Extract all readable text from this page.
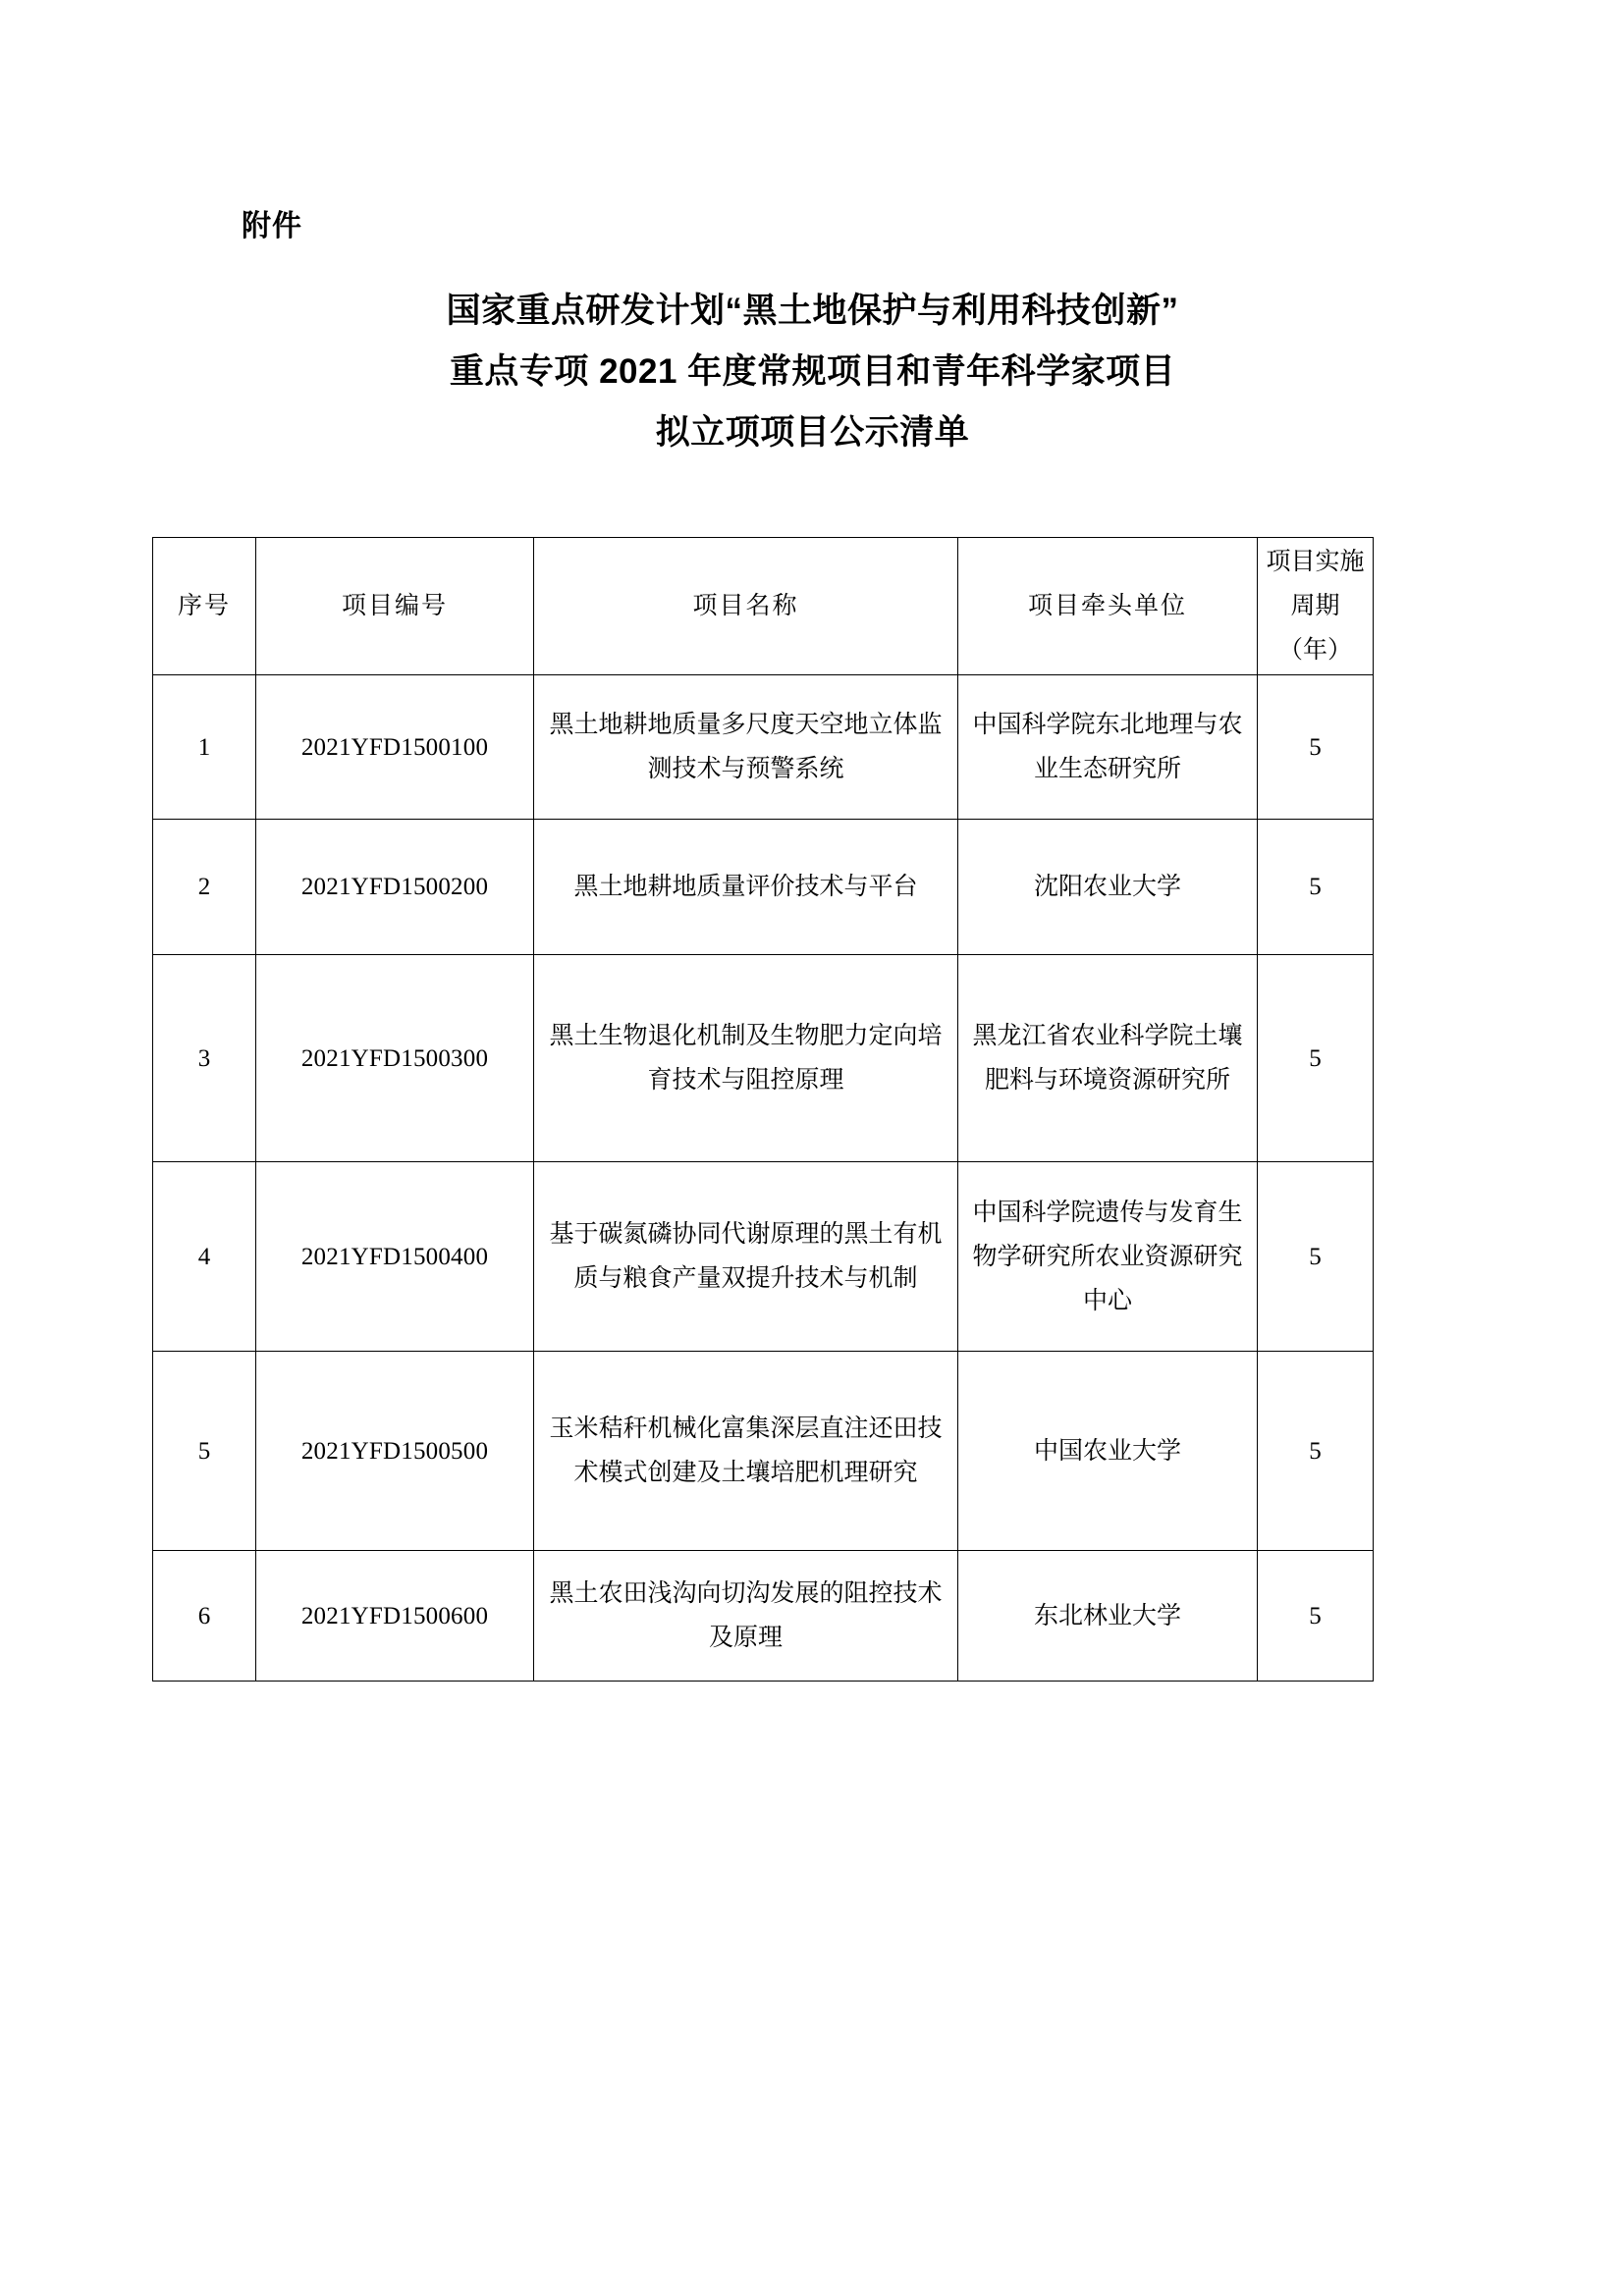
附件
国家重点研发计划“黑土地保护与利用科技创新”
重点专项 2021 年度常规项目和青年科学家项目
拟立项项目公示清单
序号	项目编号	项目名称	项目牵头单位	项目实施周期（年）
1	2021YFD1500100	黑土地耕地质量多尺度天空地立体监测技术与预警系统	中国科学院东北地理与农业生态研究所	5
2	2021YFD1500200	黑土地耕地质量评价技术与平台	沈阳农业大学	5
3	2021YFD1500300	黑土生物退化机制及生物肥力定向培育技术与阻控原理	黑龙江省农业科学院土壤肥料与环境资源研究所	5
4	2021YFD1500400	基于碳氮磷协同代谢原理的黑土有机质与粮食产量双提升技术与机制	中国科学院遗传与发育生物学研究所农业资源研究中心	5
5	2021YFD1500500	玉米秸秆机械化富集深层直注还田技术模式创建及土壤培肥机理研究	中国农业大学	5
6	2021YFD1500600	黑土农田浅沟向切沟发展的阻控技术及原理	东北林业大学	5
